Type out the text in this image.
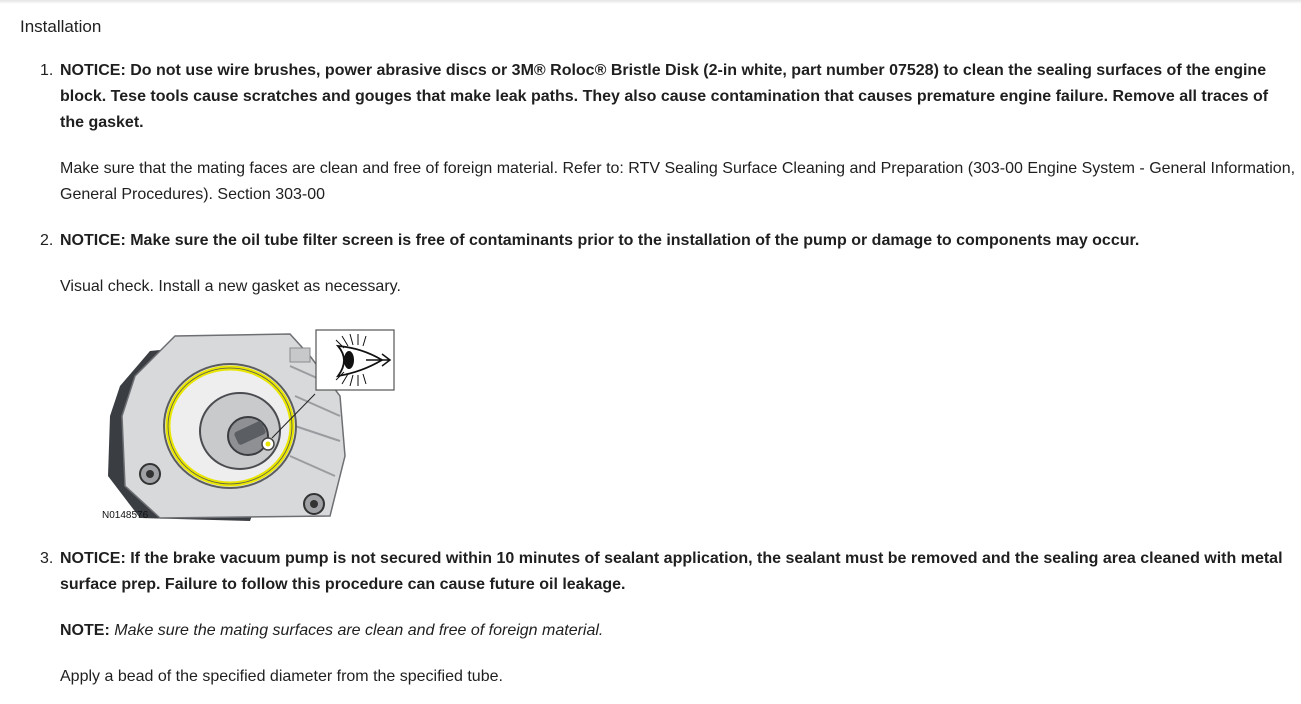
Installation
1. NOTICE: Do not use wire brushes, power abrasive discs or 3M® Roloc® Bristle Disk (2-in white, part number 07528) to clean the sealing surfaces of the engine block. Tese tools cause scratches and gouges that make leak paths. They also cause contamination that causes premature engine failure. Remove all traces of the gasket.

Make sure that the mating faces are clean and free of foreign material. Refer to: RTV Sealing Surface Cleaning and Preparation (303-00 Engine System - General Information, General Procedures). Section 303-00

2. NOTICE: Make sure the oil tube filter screen is free of contaminants prior to the installation of the pump or damage to components may occur.

Visual check. Install a new gasket as necessary.

N0148576
3. NOTICE: If the brake vacuum pump is not secured within 10 minutes of sealant application, the sealant must be removed and the sealing area cleaned with metal surface prep. Failure to follow this procedure can cause future oil leakage.

NOTE: Make sure the mating surfaces are clean and free of foreign material.

Apply a bead of the specified diameter from the specified tube.
